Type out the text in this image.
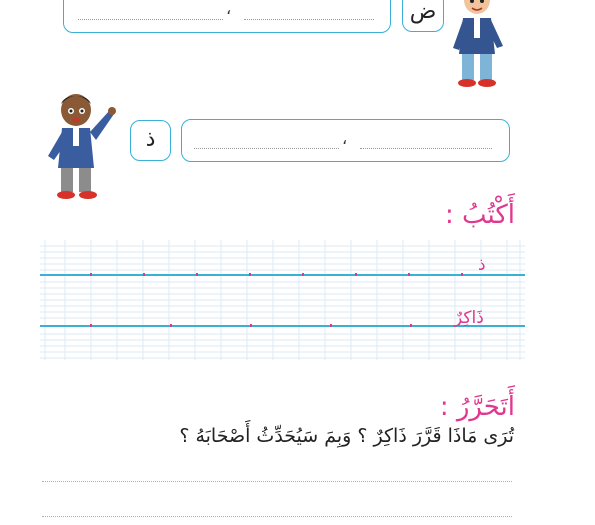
،	ض
ذ	،
أَكْتُبُ :
ذ
ذَاكِرٌ
أَتَحَرَّرُ :
تُرَى مَاذَا قَرَّرَ ذَاكِرٌ ؟ وَبِمَ سَيُحَدِّثُ أَصْحَابَهُ ؟
